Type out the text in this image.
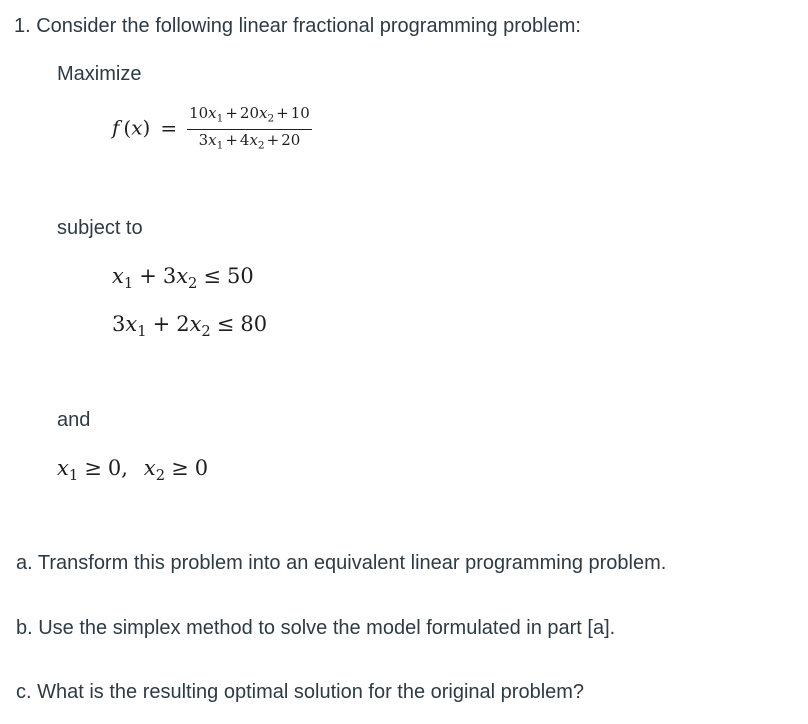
1. Consider the following linear fractional programming problem:
Maximize
f $(x) = \frac{10x_1 + 20x_2 + 10}{3x_1 + 4x_2 + 20}$
subject to
$x_1 + 3x_2 \le 50$
$3x_1 + 2x_2 \le 80$
and
$x_1 \ge 0$, $x_2 \ge 0$
a. Transform this problem into an equivalent linear programming problem.
b. Use the simplex method to solve the model formulated in part [a].
c. What is the resulting optimal solution for the original problem?
